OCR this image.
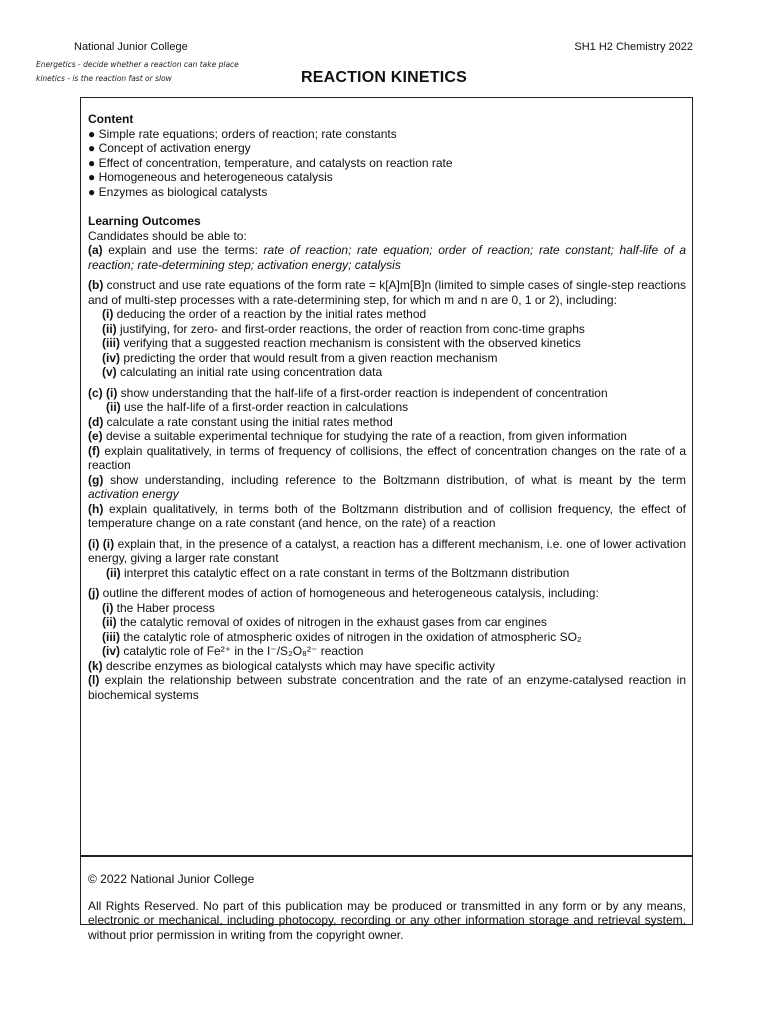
National Junior College	SH1 H2 Chemistry 2022
REACTION KINETICS
Energetics - decide whether a reaction can take place
kinetics - is the reaction fast or slow

Content

● Simple rate equations; orders of reaction; rate constants
● Concept of activation energy
● Effect of concentration, temperature, and catalysts on reaction rate
● Homogeneous and heterogeneous catalysis
● Enzymes as biological catalysts

Learning Outcomes

Candidates should be able to:

(a) explain and use the terms: rate of reaction; rate equation; order of reaction; rate constant; half-life of a reaction; rate-determining step; activation energy; catalysis

(b) construct and use rate equations of the form rate = k[A]m[B]n (limited to simple cases of single-step reactions and of multi-step processes with a rate-determining step, for which m and n are 0, 1 or 2), including:

(i) deducing the order of a reaction by the initial rates method

(ii) justifying, for zero- and first-order reactions, the order of reaction from conc-time graphs

(iii) verifying that a suggested reaction mechanism is consistent with the observed kinetics

(iv) predicting the order that would result from a given reaction mechanism

(v) calculating an initial rate using concentration data

(c) (i) show understanding that the half-life of a first-order reaction is independent of concentration

(ii) use the half-life of a first-order reaction in calculations

(d) calculate a rate constant using the initial rates method

(e) devise a suitable experimental technique for studying the rate of a reaction, from given information

(f) explain qualitatively, in terms of frequency of collisions, the effect of concentration changes on the rate of a reaction

(g) show understanding, including reference to the Boltzmann distribution, of what is meant by the term activation energy

(h) explain qualitatively, in terms both of the Boltzmann distribution and of collision frequency, the effect of temperature change on a rate constant (and hence, on the rate) of a reaction

(i) (i) explain that, in the presence of a catalyst, a reaction has a different mechanism, i.e. one of lower activation energy, giving a larger rate constant

(ii) interpret this catalytic effect on a rate constant in terms of the Boltzmann distribution

(j) outline the different modes of action of homogeneous and heterogeneous catalysis, including:

(i) the Haber process

(ii) the catalytic removal of oxides of nitrogen in the exhaust gases from car engines

(iii) the catalytic role of atmospheric oxides of nitrogen in the oxidation of atmospheric SO₂

(iv) catalytic role of Fe²⁺ in the I⁻/S₂O₈²⁻ reaction

(k) describe enzymes as biological catalysts which may have specific activity

(l) explain the relationship between substrate concentration and the rate of an enzyme-catalysed reaction in biochemical systems

© 2022 National Junior College

All Rights Reserved. No part of this publication may be produced or transmitted in any form or by any means, electronic or mechanical, including photocopy, recording or any other information storage and retrieval system, without prior permission in writing from the copyright owner.
